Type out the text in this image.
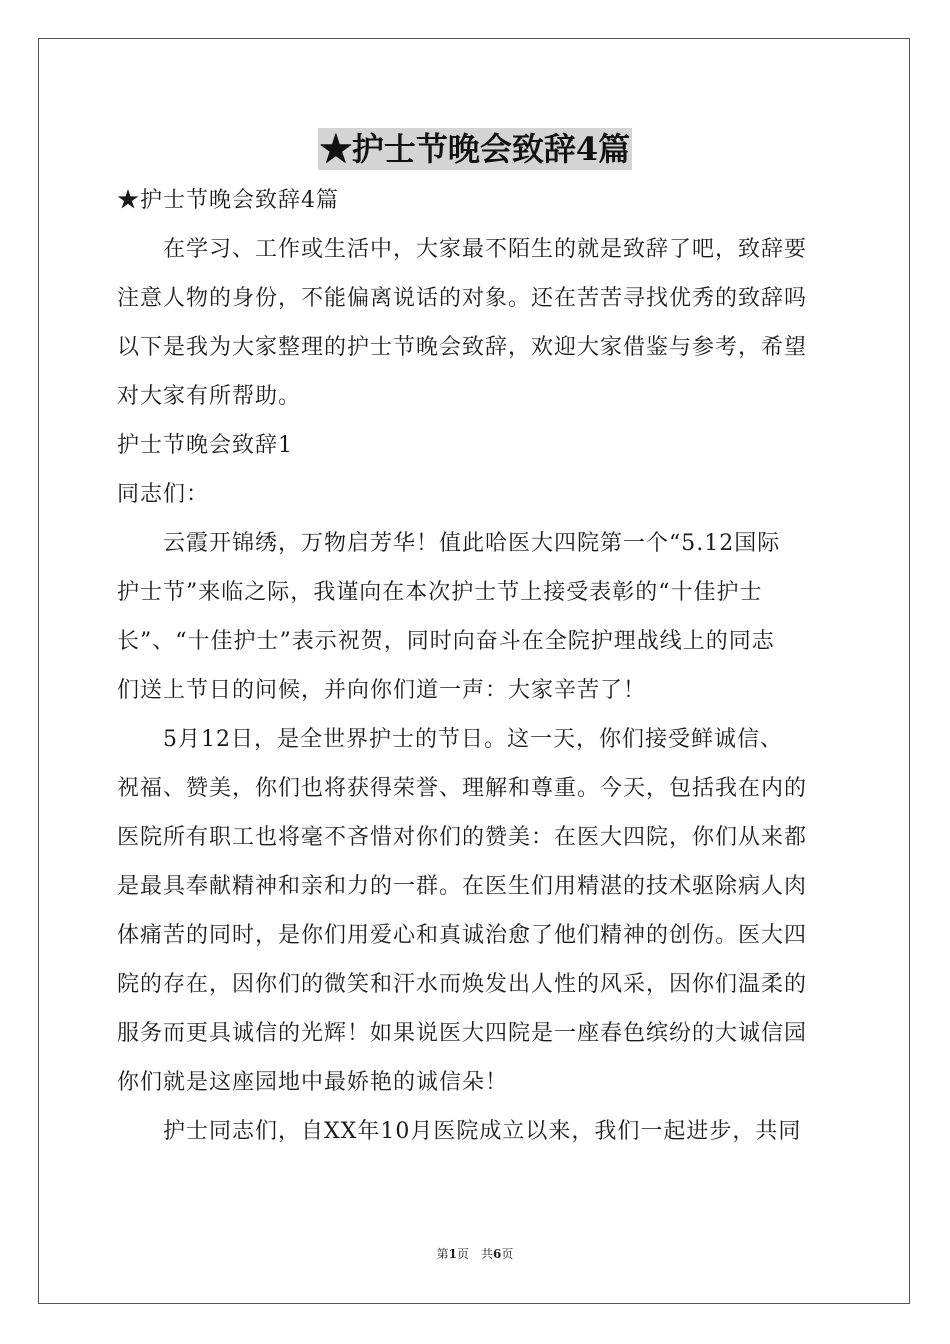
★护士节晚会致辞4篇
★护士节晚会致辞4篇
在学习、工作或生活中，大家最不陌生的就是致辞了吧，致辞要
注意人物的身份，不能偏离说话的对象。还在苦苦寻找优秀的致辞吗
以下是我为大家整理的护士节晚会致辞，欢迎大家借鉴与参考，希望
对大家有所帮助。
护士节晚会致辞1
同志们：
云霞开锦绣，万物启芳华！值此哈医大四院第一个“5.12国际
护士节”来临之际，我谨向在本次护士节上接受表彰的“十佳护士
长”、“十佳护士”表示祝贺，同时向奋斗在全院护理战线上的同志
们送上节日的问候，并向你们道一声：大家辛苦了！
5月12日，是全世界护士的节日。这一天，你们接受鲜诚信、
祝福、赞美，你们也将获得荣誉、理解和尊重。今天，包括我在内的
医院所有职工也将毫不吝惜对你们的赞美：在医大四院，你们从来都
是最具奉献精神和亲和力的一群。在医生们用精湛的技术驱除病人肉
体痛苦的同时，是你们用爱心和真诚治愈了他们精神的创伤。医大四
院的存在，因你们的微笑和汗水而焕发出人性的风采，因你们温柔的
服务而更具诚信的光辉！如果说医大四院是一座春色缤纷的大诚信园
你们就是这座园地中最娇艳的诚信朵！
护士同志们，自XX年10月医院成立以来，我们一起进步，共同
第1页　共6页
